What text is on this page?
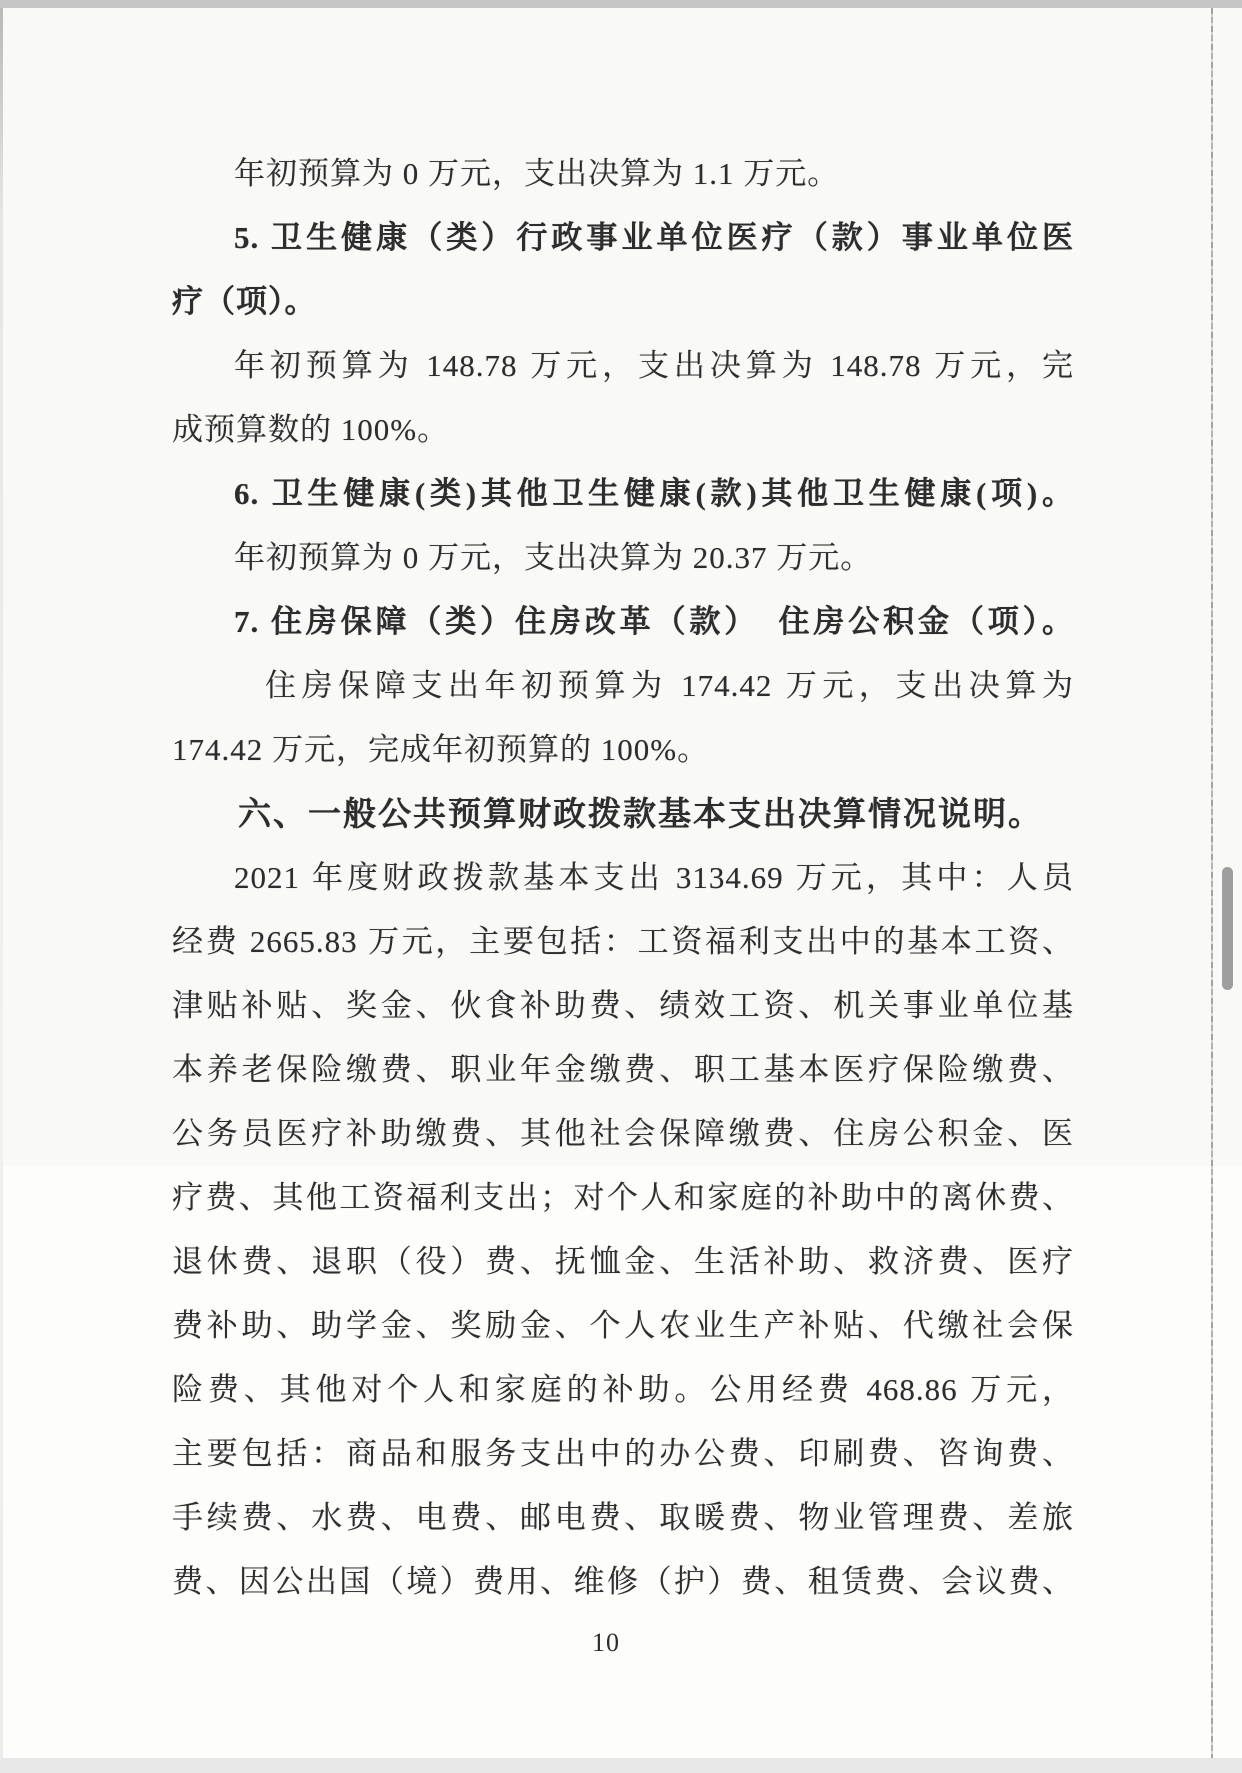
年初预算为 0 万元，支出决算为 1.1 万元。
5. 卫生健康（类）行政事业单位医疗（款）事业单位医
疗（项）。
年初预算为 148.78 万元，支出决算为 148.78 万元，完
成预算数的 100%。
6. 卫生健康(类)其他卫生健康(款)其他卫生健康(项)。
年初预算为 0 万元，支出决算为 20.37 万元。
7. 住房保障（类）住房改革（款）　住房公积金（项）。
住房保障支出年初预算为 174.42 万元，支出决算为
174.42 万元，完成年初预算的 100%。
六、一般公共预算财政拨款基本支出决算情况说明。
2021 年度财政拨款基本支出 3134.69 万元，其中：人员
经费 2665.83 万元，主要包括：工资福利支出中的基本工资、
津贴补贴、奖金、伙食补助费、绩效工资、机关事业单位基
本养老保险缴费、职业年金缴费、职工基本医疗保险缴费、
公务员医疗补助缴费、其他社会保障缴费、住房公积金、医
疗费、其他工资福利支出；对个人和家庭的补助中的离休费、
退休费、退职（役）费、抚恤金、生活补助、救济费、医疗
费补助、助学金、奖励金、个人农业生产补贴、代缴社会保
险费、其他对个人和家庭的补助。公用经费 468.86 万元，
主要包括：商品和服务支出中的办公费、印刷费、咨询费、
手续费、水费、电费、邮电费、取暖费、物业管理费、差旅
费、因公出国（境）费用、维修（护）费、租赁费、会议费、
10
